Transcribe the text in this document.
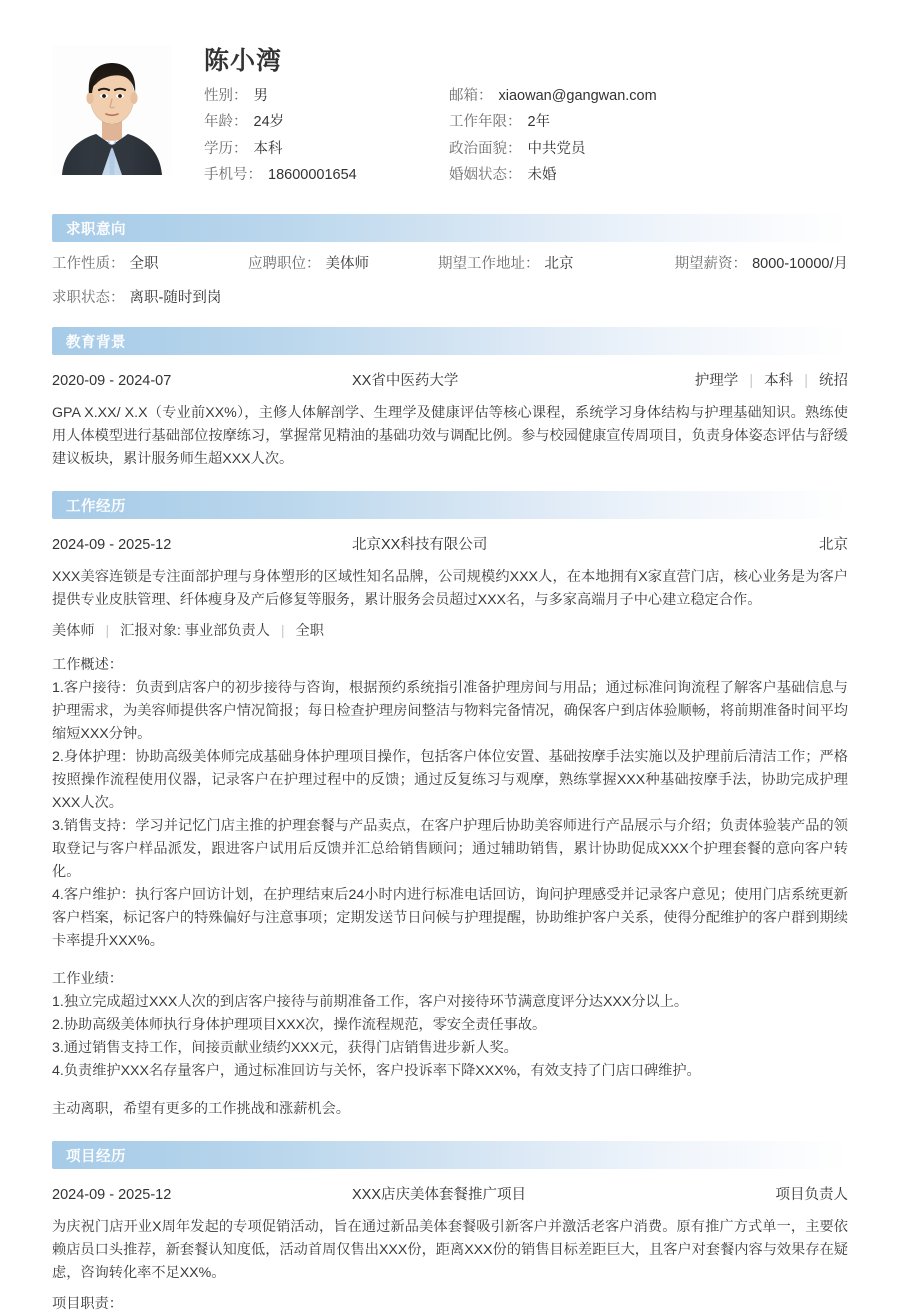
陈小湾
性别： 男	邮箱： xiaowan@gangwan.com
年龄： 24岁	工作年限： 2年
学历： 本科	政治面貌： 中共党员
手机号： 18600001654	婚姻状态： 未婚
求职意向
工作性质： 全职	应聘职位： 美体师	期望工作地址： 北京	期望薪资： 8000-10000/月
求职状态： 离职-随时到岗
教育背景
2020-09 - 2024-07	XX省中医药大学	护理学 | 本科 | 统招

GPA X.XX/ X.X（专业前XX%），主修人体解剖学、生理学及健康评估等核心课程，系统学习身体结构与护理基础知识。熟练使用人体模型进行基础部位按摩练习，掌握常见精油的基础功效与调配比例。参与校园健康宣传周项目，负责身体姿态评估与舒缓建议板块，累计服务师生超XXX人次。

工作经历
2024-09 - 2025-12	北京XX科技有限公司	北京

XXX美容连锁是专注面部护理与身体塑形的区域性知名品牌，公司规模约XXX人，在本地拥有X家直营门店，核心业务是为客户提供专业皮肤管理、纤体瘦身及产后修复等服务，累计服务会员超过XXX名，与多家高端月子中心建立稳定合作。

美体师 | 汇报对象: 事业部负责人 | 全职

工作概述：

1.客户接待：负责到店客户的初步接待与咨询，根据预约系统指引准备护理房间与用品；通过标准问询流程了解客户基础信息与护理需求，为美容师提供客户情况简报；每日检查护理房间整洁与物料完备情况，确保客户到店体验顺畅，将前期准备时间平均缩短XXX分钟。

2.身体护理：协助高级美体师完成基础身体护理项目操作，包括客户体位安置、基础按摩手法实施以及护理前后清洁工作；严格按照操作流程使用仪器，记录客户在护理过程中的反馈；通过反复练习与观摩，熟练掌握XXX种基础按摩手法，协助完成护理XXX人次。

3.销售支持：学习并记忆门店主推的护理套餐与产品卖点，在客户护理后协助美容师进行产品展示与介绍；负责体验装产品的领取登记与客户样品派发，跟进客户试用后反馈并汇总给销售顾问；通过辅助销售，累计协助促成XXX个护理套餐的意向客户转化。

4.客户维护：执行客户回访计划，在护理结束后24小时内进行标准电话回访，询问护理感受并记录客户意见；使用门店系统更新客户档案，标记客户的特殊偏好与注意事项；定期发送节日问候与护理提醒，协助维护客户关系，使得分配维护的客户群到期续卡率提升XXX%。

工作业绩：

1.独立完成超过XXX人次的到店客户接待与前期准备工作，客户对接待环节满意度评分达XXX分以上。

2.协助高级美体师执行身体护理项目XXX次，操作流程规范，零安全责任事故。

3.通过销售支持工作，间接贡献业绩约XXX元，获得门店销售进步新人奖。

4.负责维护XXX名存量客户，通过标准回访与关怀，客户投诉率下降XXX%，有效支持了门店口碑维护。

主动离职，希望有更多的工作挑战和涨薪机会。

项目经历
2024-09 - 2025-12	XXX店庆美体套餐推广项目	项目负责人

为庆祝门店开业X周年发起的专项促销活动，旨在通过新品美体套餐吸引新客户并激活老客户消费。原有推广方式单一，主要依赖店员口头推荐，新套餐认知度低，活动首周仅售出XXX份，距离XXX份的销售目标差距巨大，且客户对套餐内容与效果存在疑虑，咨询转化率不足XX%。

项目职责：
